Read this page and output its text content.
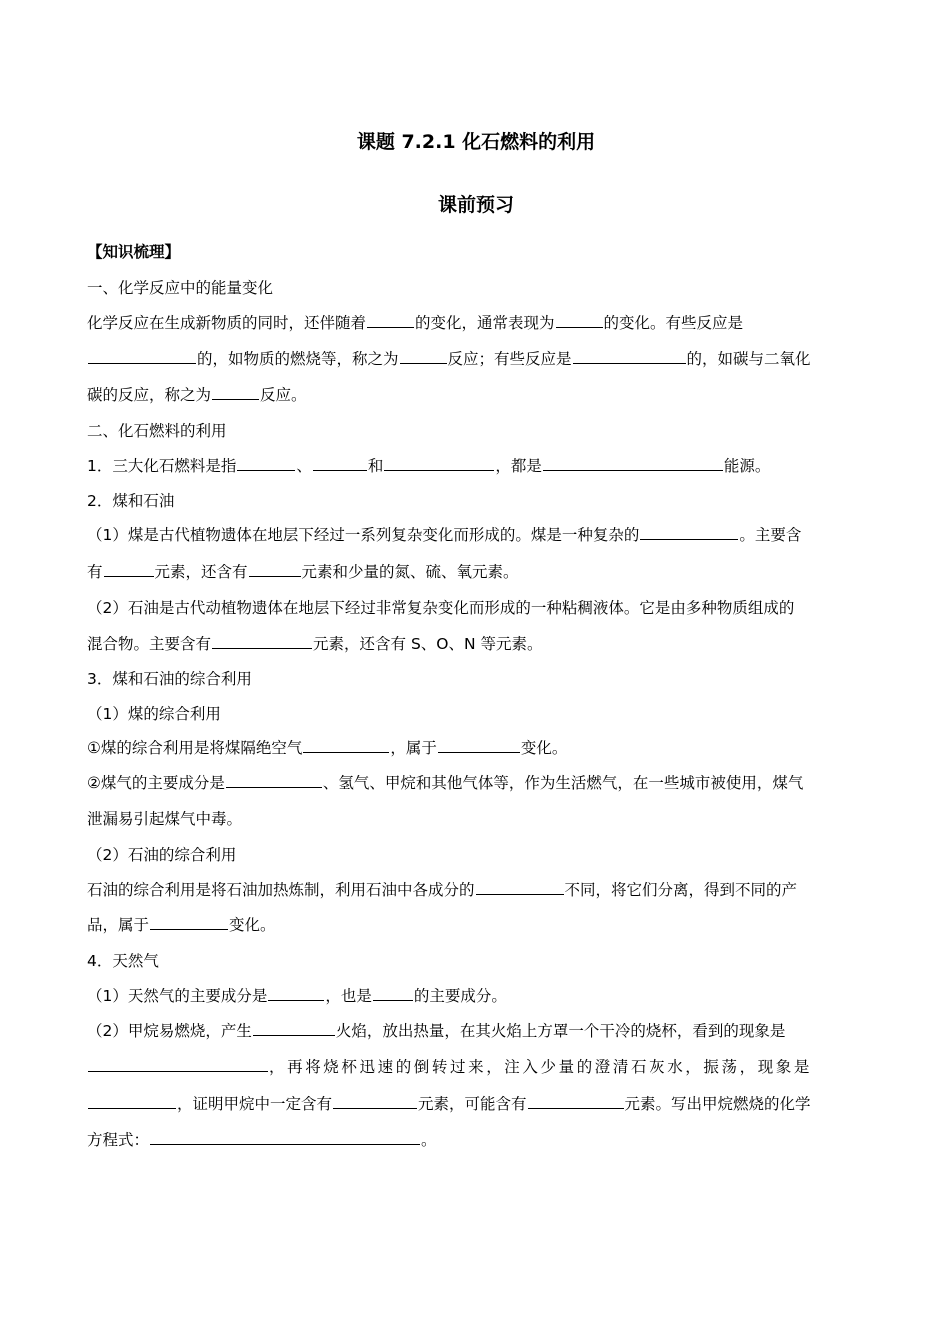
课题 7.2.1 化石燃料的利用
课前预习
【知识梳理】
一、化学反应中的能量变化
化学反应在生成新物质的同时，还伴随着	的变化，通常表现为	的变化。有些反应是
的，如物质的燃烧等，称之为	反应；有些反应是	的，如碳与二氧化
碳的反应，称之为	反应。
二、化石燃料的利用
1．三大化石燃料是指	、	和	，都是	能源。
2．煤和石油
（1）煤是古代植物遗体在地层下经过一系列复杂变化而形成的。煤是一种复杂的	。主要含
有	元素，还含有	元素和少量的氮、硫、氧元素。
（2）石油是古代动植物遗体在地层下经过非常复杂变化而形成的一种粘稠液体。它是由多种物质组成的
混合物。主要含有	元素，还含有 S、O、N 等元素。
3．煤和石油的综合利用
（1）煤的综合利用
①煤的综合利用是将煤隔绝空气	，属于	变化。
②煤气的主要成分是	、氢气、甲烷和其他气体等，作为生活燃气，在一些城市被使用，煤气
泄漏易引起煤气中毒。
（2）石油的综合利用
石油的综合利用是将石油加热炼制，利用石油中各成分的	不同，将它们分离，得到不同的产
品，属于	变化。
4．天然气
（1）天然气的主要成分是	，也是	的主要成分。
（2）甲烷易燃烧，产生	火焰，放出热量，在其火焰上方罩一个干冷的烧杯，看到的现象是
，再将烧杯迅速的倒转过来，注入少量的澄清石灰水，振荡，现象是
，证明甲烷中一定含有	元素，可能含有	元素。写出甲烷燃烧的化学
方程式：	。
